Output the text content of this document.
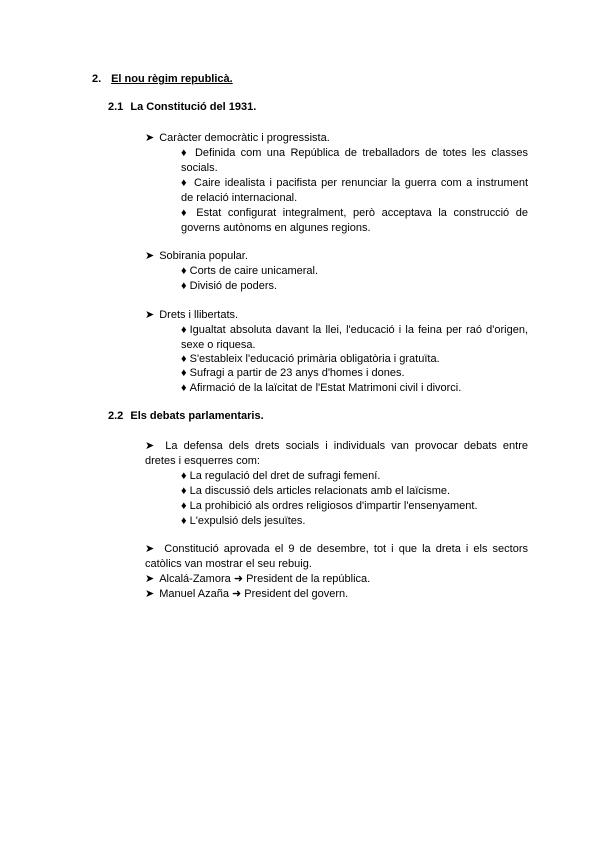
2. El nou règim republicà.
2.1 La Constitució del 1931.
➤ Caràcter democràtic i progressista.
♦ Definida com una República de treballadors de totes les classes socials.
♦ Caire idealista i pacifista per renunciar la guerra com a instrument de relació internacional.
♦ Estat configurat integralment, però acceptava la construcció de governs autònoms en algunes regions.
➤ Sobirania popular.
♦ Corts de caire unicameral.
♦ Divisió de poders.
➤ Drets i llibertats.
♦ Igualtat absoluta davant la llei, l'educació i la feina per raó d'origen, sexe o riquesa.
♦ S'estableix l'educació primària obligatòria i gratuïta.
♦ Sufragi a partir de 23 anys d'homes i dones.
♦ Afirmació de la laïcitat de l'Estat Matrimoni civil i divorci.
2.2 Els debats parlamentaris.
➤ La defensa dels drets socials i individuals van provocar debats entre dretes i esquerres com:
♦ La regulació del dret de sufragi femení.
♦ La discussió dels articles relacionats amb el laïcisme.
♦ La prohibició als ordres religiosos d'impartir l'ensenyament.
♦ L'expulsió dels jesuïtes.
➤ Constitució aprovada el 9 de desembre, tot i que la dreta i els sectors catòlics van mostrar el seu rebuig.
➤ Alcalá-Zamora ➜ President de la república.
➤ Manuel Azaña ➜ President del govern.
